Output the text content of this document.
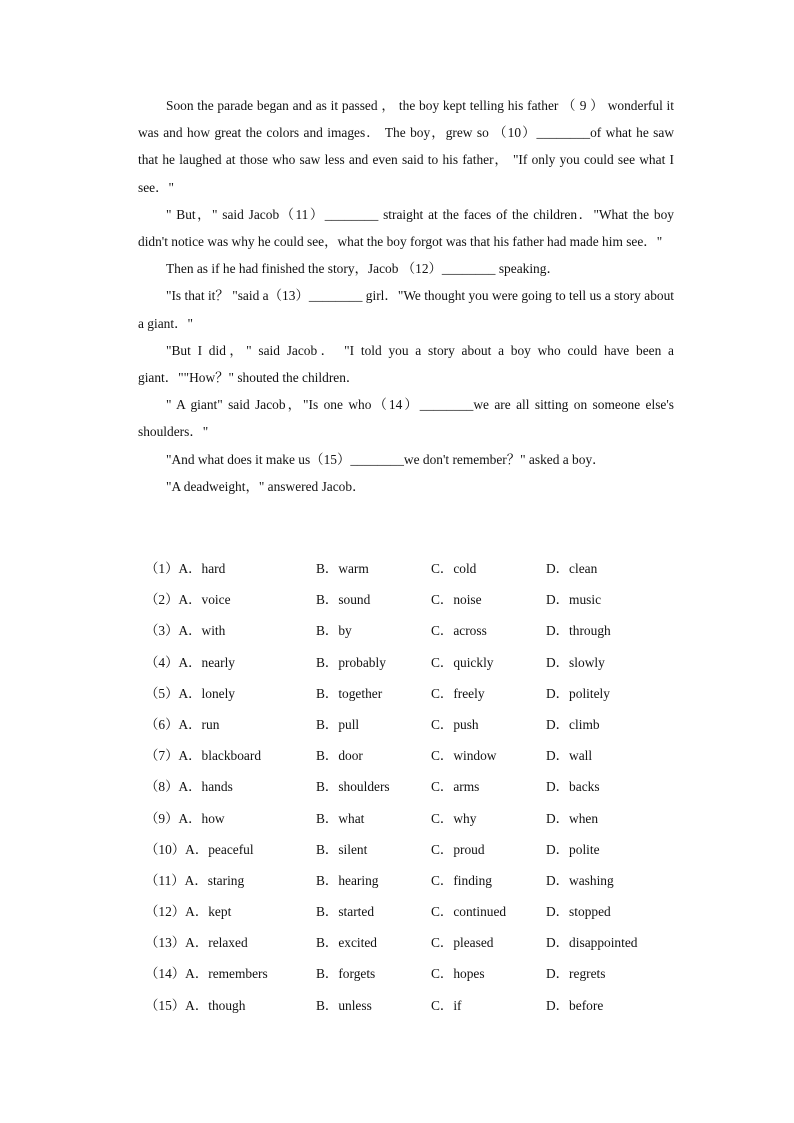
Soon the parade began and as it passed ， the boy kept telling his father （ 9 ） wonderful it was and how great the colors and images． The boy，grew so （10）________of what he saw that he laughed at those who saw less and even said to his father， "If only you could see what I see．"

" But，" said Jacob（11）________ straight at the faces of the children．"What the boy didn't notice was why he could see，what the boy forgot was that his father had made him see．"

Then as if he had finished the story，Jacob （12）________ speaking．

"Is that it？ "said a（13）________ girl．"We thought you were going to tell us a story about a giant．"

"But I did，" said Jacob． "I told you a story about a boy who could have been a giant．""How？" shouted the children．

" A giant" said Jacob，"Is one who（14）________we are all sitting on someone else's shoulders．"

"And what does it make us（15）________we don't remember？" asked a boy．

"A deadweight，" answered Jacob．

（1）A．hard	B．warm	C．cold	D．clean
（2）A．voice	B．sound	C．noise	D．music
（3）A．with	B．by	C．across	D．through
（4）A．nearly	B．probably	C．quickly	D．slowly
（5）A．lonely	B．together	C．freely	D．politely
（6）A．run	B．pull	C．push	D．climb
（7）A．blackboard	B．door	C．window	D．wall
（8）A．hands	B．shoulders	C．arms	D．backs
（9）A．how	B．what	C．why	D．when
（10）A．peaceful	B．silent	C．proud	D．polite
（11）A．staring	B．hearing	C．finding	D．washing
（12）A．kept	B．started	C．continued	D．stopped
（13）A．relaxed	B．excited	C．pleased	D．disappointed
（14）A．remembers	B．forgets	C．hopes	D．regrets
（15）A．though	B．unless	C．if	D．before
